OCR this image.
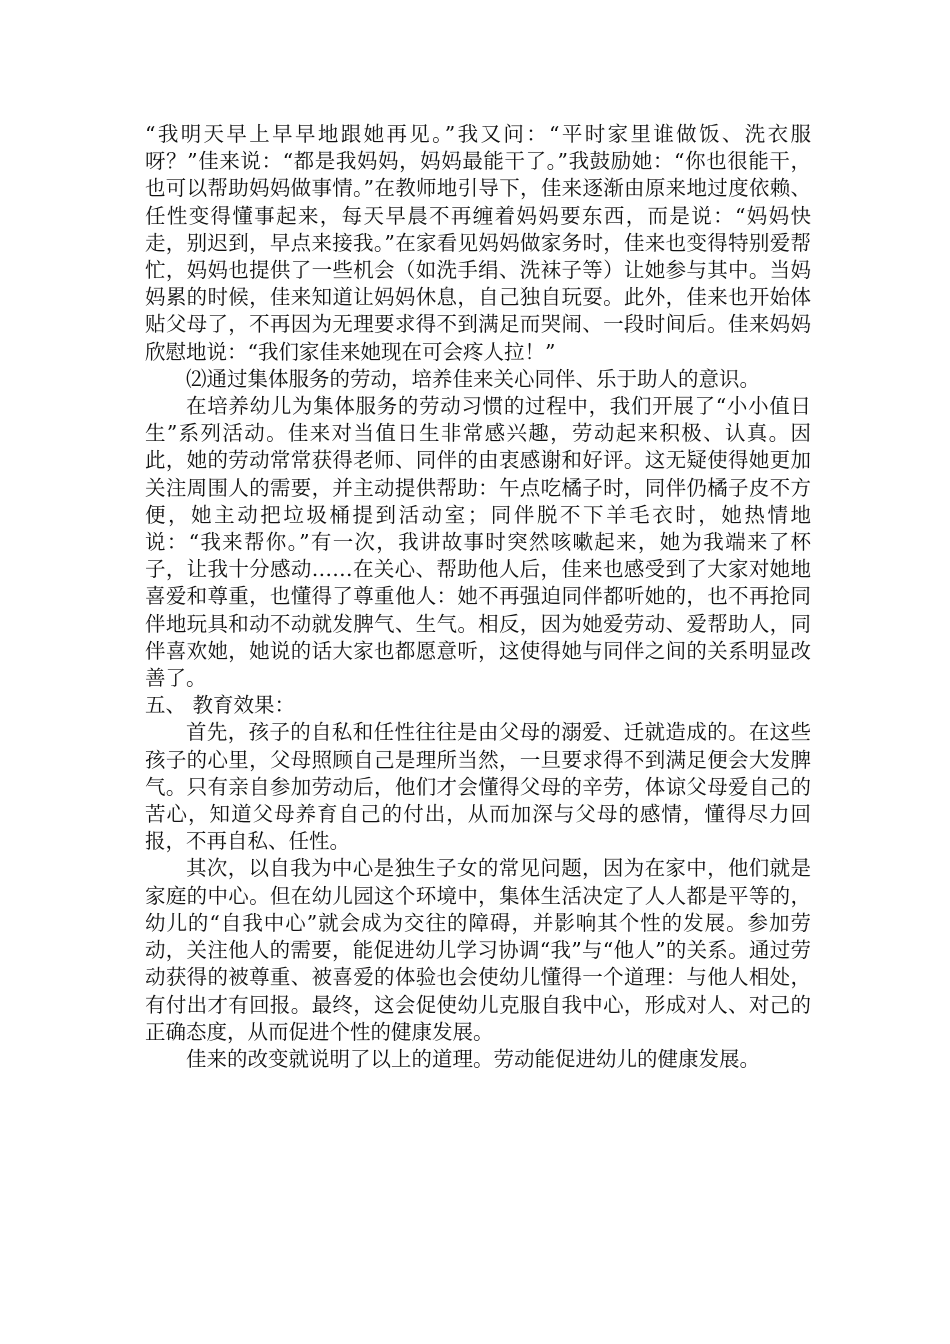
“我明天早上早早地跟她再见。”我又问：“平时家里谁做饭、洗衣服呀？”佳来说：“都是我妈妈，妈妈最能干了。”我鼓励她：“你也很能干，也可以帮助妈妈做事情。”在教师地引导下，佳来逐渐由原来地过度依赖、任性变得懂事起来，每天早晨不再缠着妈妈要东西，而是说：“妈妈快走，别迟到，早点来接我。”在家看见妈妈做家务时，佳来也变得特别爱帮忙，妈妈也提供了一些机会（如洗手绢、洗袜子等）让她参与其中。当妈妈累的时候，佳来知道让妈妈休息，自己独自玩耍。此外，佳来也开始体贴父母了，不再因为无理要求得不到满足而哭闹、一段时间后。佳来妈妈欣慰地说：“我们家佳来她现在可会疼人拉！”

⑵通过集体服务的劳动，培养佳来关心同伴、乐于助人的意识。

在培养幼儿为集体服务的劳动习惯的过程中，我们开展了“小小值日生”系列活动。佳来对当值日生非常感兴趣，劳动起来积极、认真。因此，她的劳动常常获得老师、同伴的由衷感谢和好评。这无疑使得她更加关注周围人的需要，并主动提供帮助：午点吃橘子时，同伴仍橘子皮不方便，她主动把垃圾桶提到活动室；同伴脱不下羊毛衣时，她热情地说：“我来帮你。”有一次，我讲故事时突然咳嗽起来，她为我端来了杯子，让我十分感动……在关心、帮助他人后，佳来也感受到了大家对她地喜爱和尊重，也懂得了尊重他人：她不再强迫同伴都听她的，也不再抢同伴地玩具和动不动就发脾气、生气。相反，因为她爱劳动、爱帮助人，同伴喜欢她，她说的话大家也都愿意听，这使得她与同伴之间的关系明显改善了。

五、 教育效果：

首先，孩子的自私和任性往往是由父母的溺爱、迁就造成的。在这些孩子的心里，父母照顾自己是理所当然，一旦要求得不到满足便会大发脾气。只有亲自参加劳动后，他们才会懂得父母的辛劳，体谅父母爱自己的苦心，知道父母养育自己的付出，从而加深与父母的感情，懂得尽力回报，不再自私、任性。

其次，以自我为中心是独生子女的常见问题，因为在家中，他们就是家庭的中心。但在幼儿园这个环境中，集体生活决定了人人都是平等的，幼儿的“自我中心”就会成为交往的障碍，并影响其个性的发展。参加劳动，关注他人的需要，能促进幼儿学习协调“我”与“他人”的关系。通过劳动获得的被尊重、被喜爱的体验也会使幼儿懂得一个道理：与他人相处，有付出才有回报。最终，这会促使幼儿克服自我中心，形成对人、对己的正确态度，从而促进个性的健康发展。

佳来的改变就说明了以上的道理。劳动能促进幼儿的健康发展。
